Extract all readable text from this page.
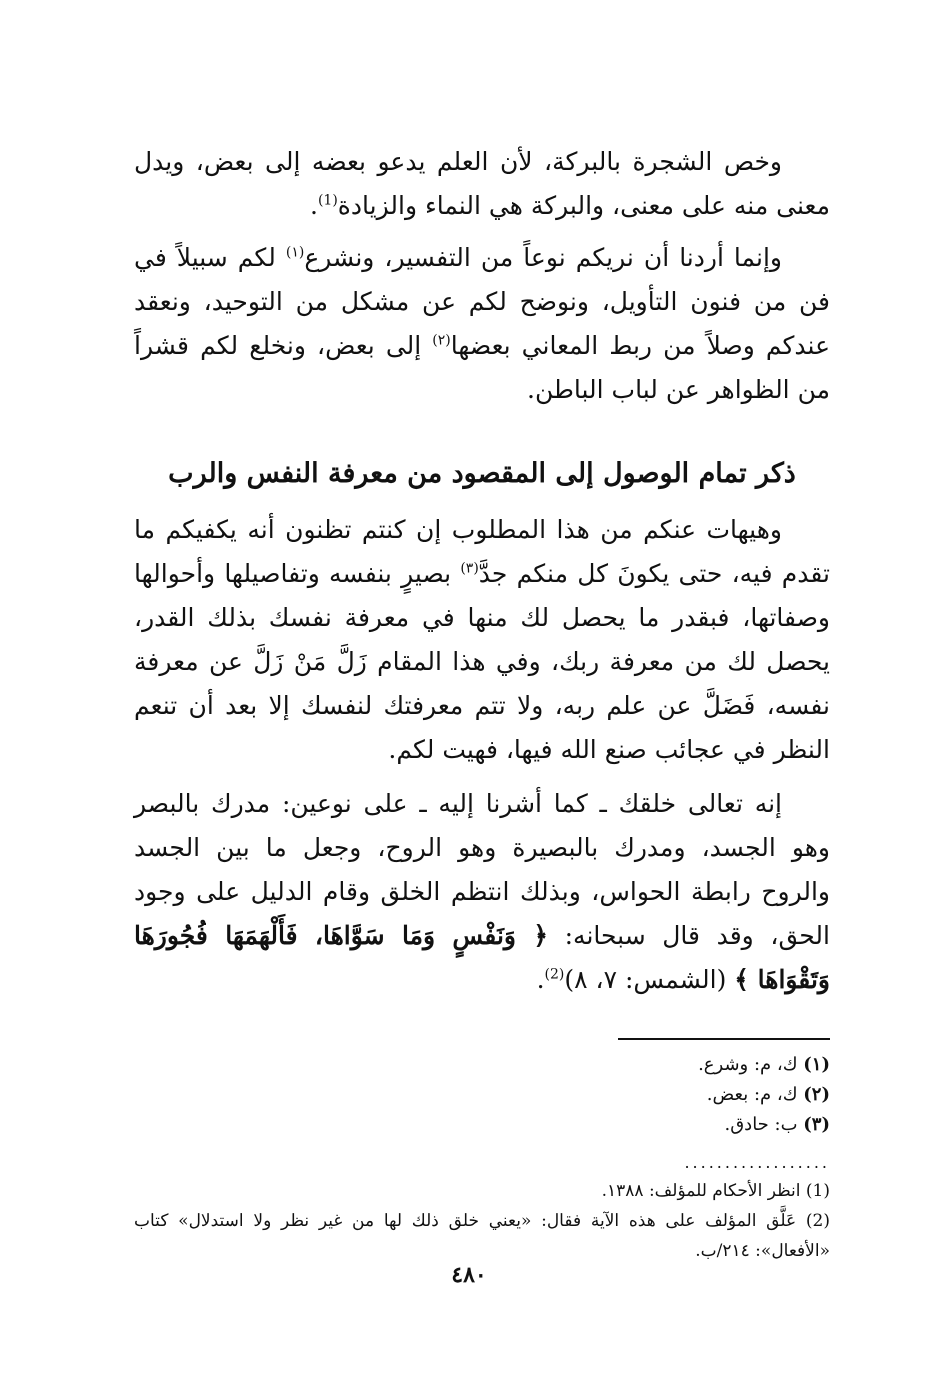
وخص الشجرة بالبركة، لأن العلم يدعو بعضه إلى بعض، ويدل معنى منه على معنى، والبركة هي النماء والزيادة$^{(1)}$.

وإنما أردنا أن نريكم نوعاً من التفسير، ونشرع$^{(١)}$ لكم سبيلاً في فن من فنون التأويل، ونوضح لكم عن مشكل من التوحيد، ونعقد عندكم وصلاً من ربط المعاني بعضها$^{(٢)}$ إلى بعض، ونخلع لكم قشراً من الظواهر عن لباب الباطن.

ذكر تمام الوصول إلى المقصود من معرفة النفس والرب

وهيهات عنكم من هذا المطلوب إن كنتم تظنون أنه يكفيكم ما تقدم فيه، حتى يكونَ كل منكم جدَّ$^{(٣)}$ بصيرٍ بنفسه وتفاصيلها وأحوالها وصفاتها، فبقدر ما يحصل لك منها في معرفة نفسك بذلك القدر، يحصل لك من معرفة ربك، وفي هذا المقام زَلَّ مَنْ زَلَّ عن معرفة نفسه، فَضَلَّ عن علم ربه، ولا تتم معرفتك لنفسك إلا بعد أن تنعم النظر في عجائب صنع الله فيها، فهيت لكم.

إنه تعالى خلقك ـ كما أشرنا إليه ـ على نوعين: مدرك بالبصر وهو الجسد، ومدرك بالبصيرة وهو الروح، وجعل ما بين الجسد والروح رابطة الحواس، وبذلك انتظم الخلق وقام الدليل على وجود الحق، وقد قال سبحانه: ﴿ وَنَفْسٍ وَمَا سَوَّاهَا، فَأَلْهَمَهَا فُجُورَهَا وَتَقْوَاهَا ﴾ (الشمس: ٧، ٨)$^{(2)}$.

(١) ك، م: وشرع.

(٢) ك، م: بعض.

(٣) ب: حادق.

..................

(1) انظر الأحكام للمؤلف: ١٣٨٨.

(2) عَلَّق المؤلف على هذه الآية فقال: «يعني خلق ذلك لها من غير نظر ولا استدلال» كتاب «الأفعال»: ٢١٤/ب.

٤٨٠
